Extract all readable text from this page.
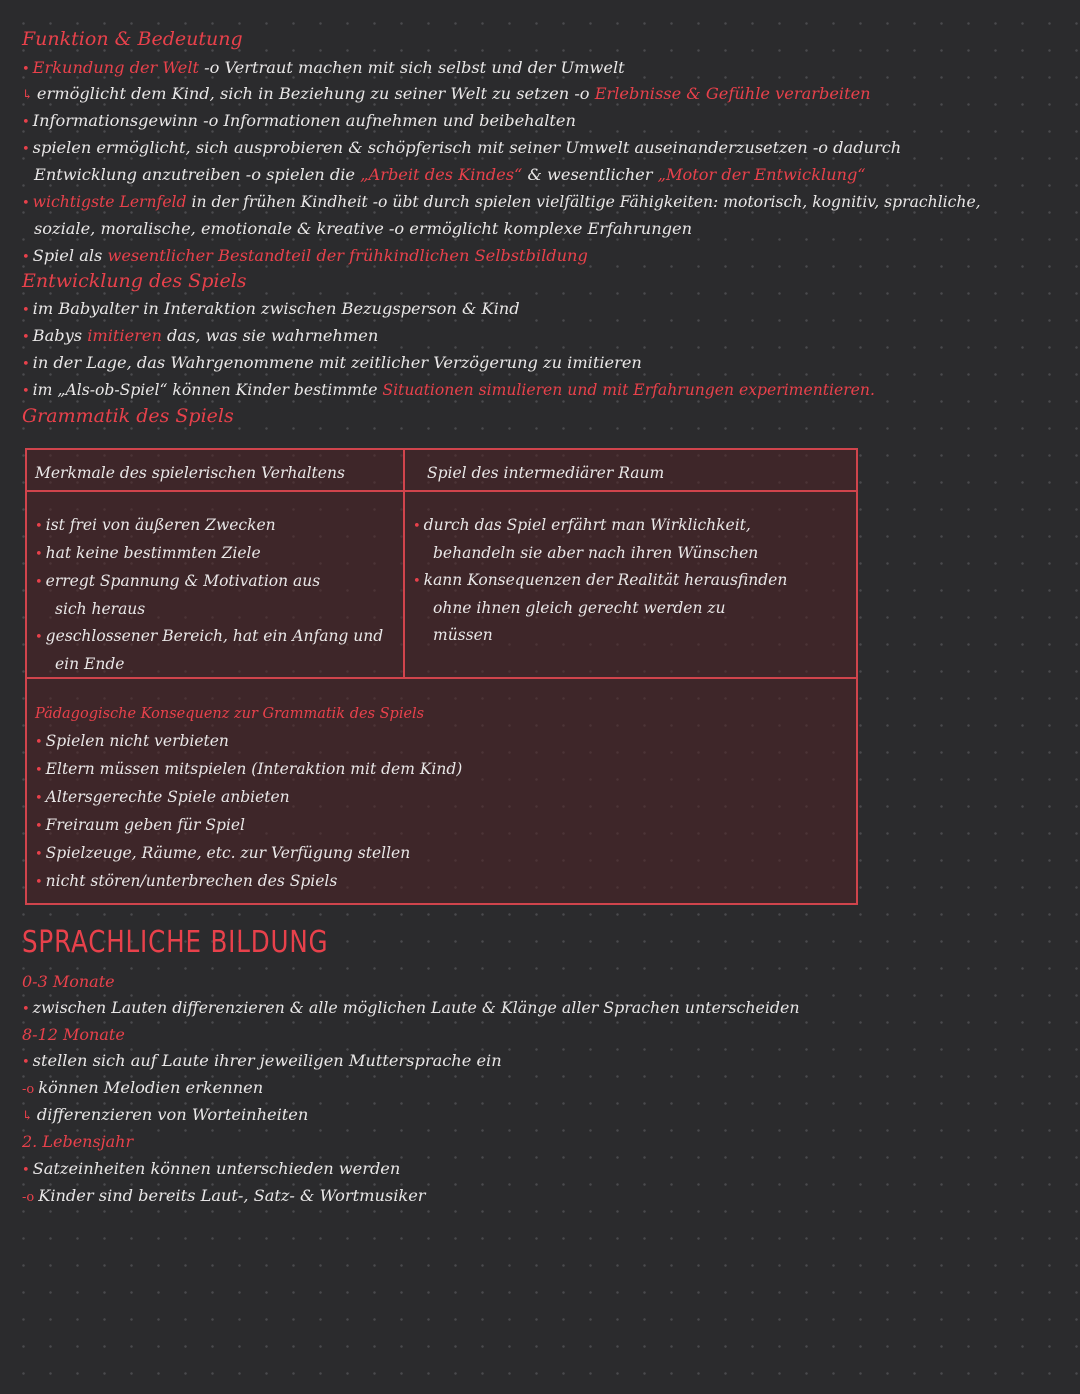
Funktion & Bedeutung
• Erkundung der Welt -o Vertraut machen mit sich selbst und der Umwelt
↳ ermöglicht dem Kind, sich in Beziehung zu seiner Welt zu setzen -o Erlebnisse & Gefühle verarbeiten
• Informationsgewinn -o Informationen aufnehmen und beibehalten
• spielen ermöglicht, sich ausprobieren & schöpferisch mit seiner Umwelt auseinanderzusetzen -o dadurch
Entwicklung anzutreiben -o spielen die „Arbeit des Kindes“ & wesentlicher „Motor der Entwicklung“
• wichtigste Lernfeld in der frühen Kindheit -o übt durch spielen vielfältige Fähigkeiten: motorisch, kognitiv, sprachliche,
soziale, moralische, emotionale & kreative -o ermöglicht komplexe Erfahrungen
• Spiel als wesentlicher Bestandteil der frühkindlichen Selbstbildung
Entwicklung des Spiels
• im Babyalter in Interaktion zwischen Bezugsperson & Kind
• Babys imitieren das, was sie wahrnehmen
• in der Lage, das Wahrgenommene mit zeitlicher Verzögerung zu imitieren
• im „Als-ob-Spiel“ können Kinder bestimmte Situationen simulieren und mit Erfahrungen experimentieren.
Grammatik des Spiels
Merkmale des spielerischen Verhaltens	Spiel des intermediärer Raum
• ist frei von äußeren Zwecken
• hat keine bestimmten Ziele
• erregt Spannung & Motivation aus
sich heraus
• geschlossener Bereich, hat ein Anfang und
ein Ende
• durch das Spiel erfährt man Wirklichkeit,
behandeln sie aber nach ihren Wünschen
• kann Konsequenzen der Realität herausfinden
ohne ihnen gleich gerecht werden zu
müssen
Pädagogische Konsequenz zur Grammatik des Spiels
• Spielen nicht verbieten
• Eltern müssen mitspielen (Interaktion mit dem Kind)
• Altersgerechte Spiele anbieten
• Freiraum geben für Spiel
• Spielzeuge, Räume, etc. zur Verfügung stellen
• nicht stören/unterbrechen des Spiels
SPRACHLICHE BILDUNG
0-3 Monate
• zwischen Lauten differenzieren & alle möglichen Laute & Klänge aller Sprachen unterscheiden
8-12 Monate
• stellen sich auf Laute ihrer jeweiligen Muttersprache ein
-o können Melodien erkennen
↳ differenzieren von Worteinheiten
2. Lebensjahr
• Satzeinheiten können unterschieden werden
-o Kinder sind bereits Laut-, Satz- & Wortmusiker
